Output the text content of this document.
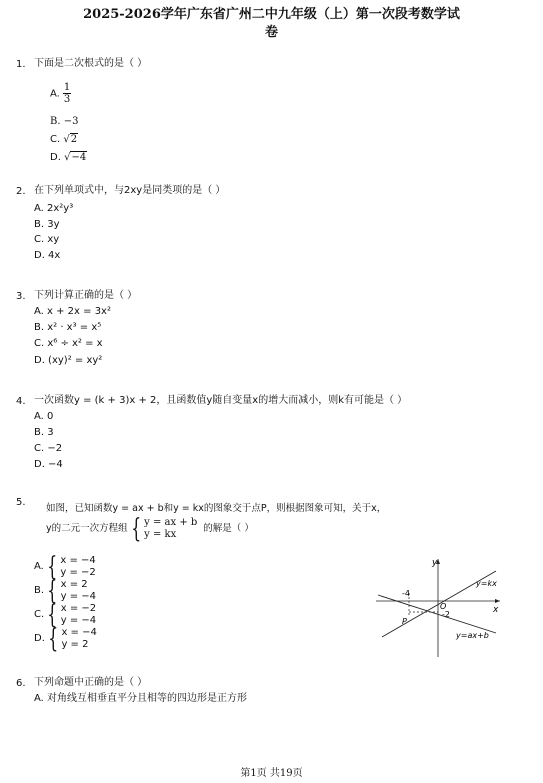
2025-2026学年广东省广州二中九年级（上）第一次段考数学试
卷
1. 下面是二次根式的是（ ）
A. $\frac{1}{3}$
B. −3
C. √2
D. √−4
2. 在下列单项式中，与2xy是同类项的是（ ）
A. 2x²y³
B. 3y
C. xy
D. 4x
3. 下列计算正确的是（ ）
A. x + 2x = 3x²
B. x² · x³ = x⁵
C. x⁶ ÷ x² = x
D. (xy)² = xy²
4. 一次函数y = (k + 3)x + 2，且函数值y随自变量x的增大而减小，则k有可能是（ ）
A. 0
B. 3
C. −2
D. −4
5.
如图，已知函数y = ax + b和y = kx的图象交于点P，则根据图象可知，关于x，
y的二元一次方程组 { y = ax + b
y = kx
的解是（ ）
A. { x = −4
y = −2
B. { x = 2
y = −4
C. { x = −2
y = −4
D. { x = −4
y = 2
y
x
O
-4
-2
P
y=kx
y=ax+b
6. 下列命题中正确的是（ ）
A. 对角线互相垂直平分且相等的四边形是正方形
第1页 共19页
